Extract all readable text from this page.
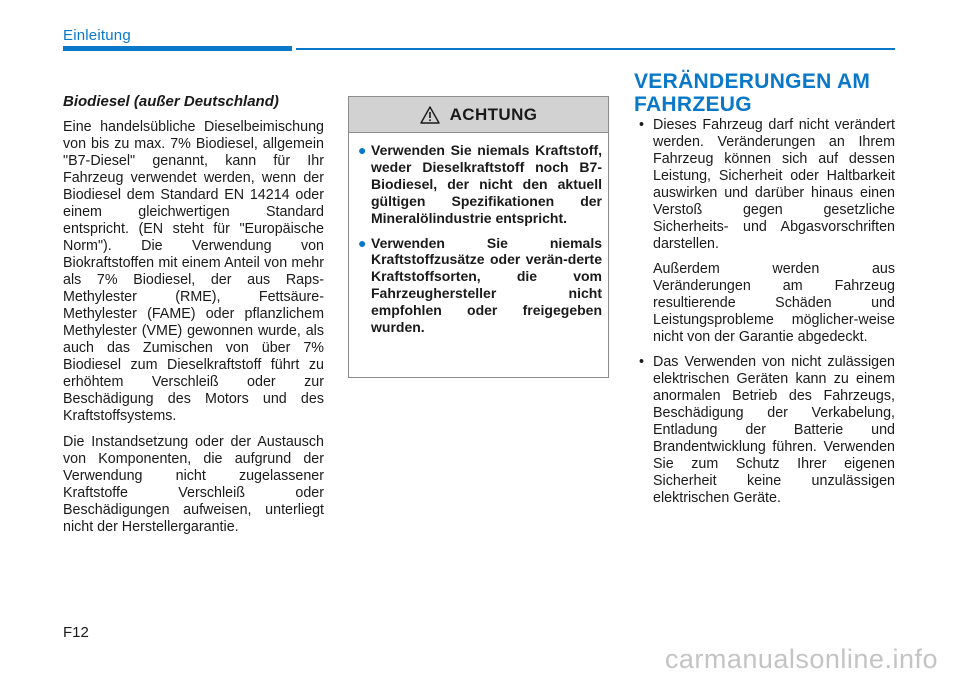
Einleitung
Biodiesel (außer Deutschland)

Eine handelsübliche Dieselbeimischung von bis zu max. 7% Biodiesel, allgemein "B7-Diesel" genannt, kann für Ihr Fahrzeug verwendet werden, wenn der Biodiesel dem Standard EN 14214 oder einem gleichwertigen Standard entspricht. (EN steht für "Europäische Norm"). Die Verwendung von Biokraftstoffen mit einem Anteil von mehr als 7% Biodiesel, der aus Raps-Methylester (RME), Fettsäure-Methylester (FAME) oder pflanzlichem Methylester (VME) gewonnen wurde, als auch das Zumischen von über 7% Biodiesel zum Dieselkraftstoff führt zu erhöhtem Verschleiß oder zur Beschädigung des Motors und des Kraftstoffsystems.

Die Instandsetzung oder der Austausch von Komponenten, die aufgrund der Verwendung nicht zugelassener Kraftstoffe Verschleiß oder Beschädigungen aufweisen, unterliegt nicht der Herstellergarantie.

ACHTUNG
● Verwenden Sie niemals Kraftstoff, weder Dieselkraftstoff noch B7-Biodiesel, der nicht den aktuell gültigen Spezifikationen der Mineralölindustrie entspricht.
● Verwenden Sie niemals Kraftstoffzusätze oder verän-derte Kraftstoffsorten, die vom Fahrzeughersteller nicht empfohlen oder freigegeben wurden.
VERÄNDERUNGEN AM FAHRZEUG
• Dieses Fahrzeug darf nicht verändert werden. Veränderungen an Ihrem Fahrzeug können sich auf dessen Leistung, Sicherheit oder Haltbarkeit auswirken und darüber hinaus einen Verstoß gegen gesetzliche Sicherheits- und Abgasvorschriften darstellen.

Außerdem werden aus Veränderungen am Fahrzeug resultierende Schäden und Leistungsprobleme möglicher-weise nicht von der Garantie abgedeckt.

• Das Verwenden von nicht zulässigen elektrischen Geräten kann zu einem anormalen Betrieb des Fahrzeugs, Beschädigung der Verkabelung, Entladung der Batterie und Brandentwicklung führen. Verwenden Sie zum Schutz Ihrer eigenen Sicherheit keine unzulässigen elektrischen Geräte.

F12
carmanualsonline.info
